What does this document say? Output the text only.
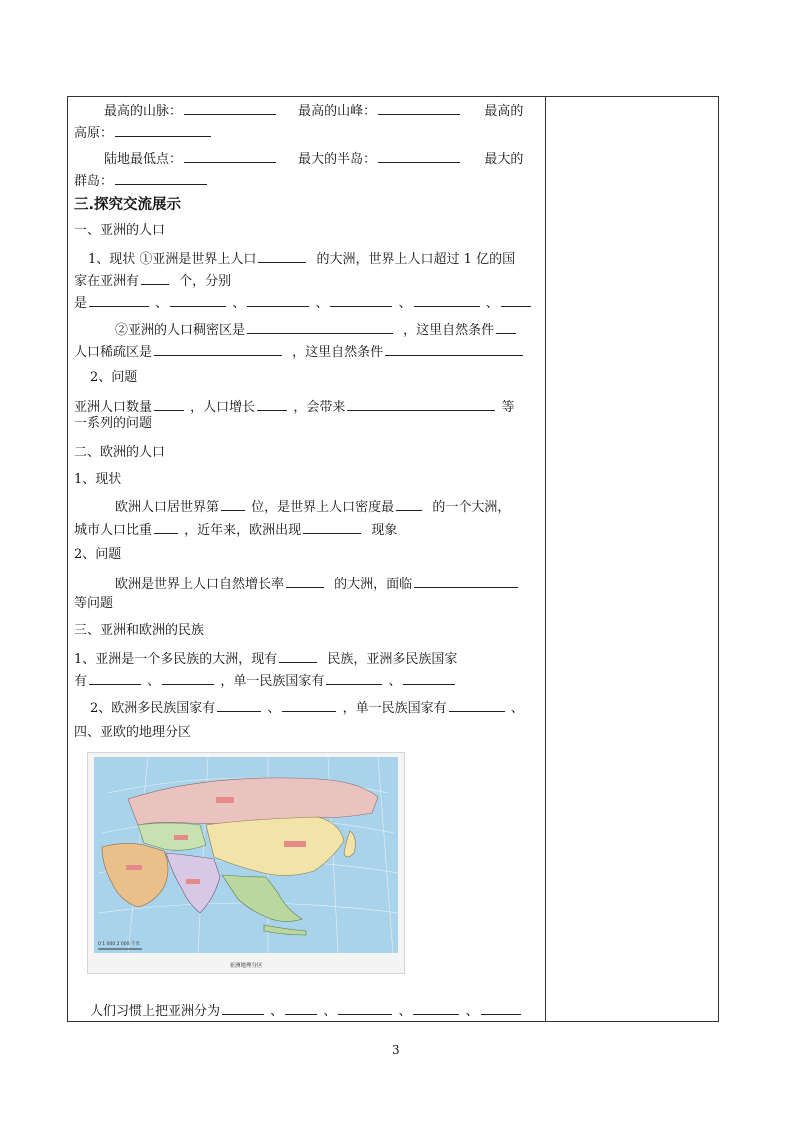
最高的山脉：	最高的山峰：	最高的
高原：
陆地最低点：	最大的半岛：	最大的
群岛：
三.探究交流展示
一、亚洲的人口
1、现状 ①亚洲是世界上人口	的大洲，世界上人口超过 1 亿的国
家在亚洲有	个，分别
是	、	、	、	、	、
②亚洲的人口稠密区是	，这里自然条件
人口稀疏区是	，这里自然条件
2、问题
亚洲人口数量	，人口增长	，会带来	等
一系列的问题
二、欧洲的人口
1、现状
欧洲人口居世界第 位，是世界上人口密度最	的一个大洲，
城市人口比重 ，近年来，欧洲出现	现象
2、问题
欧洲是世界上人口自然增长率	的大洲，面临
等问题
三、亚洲和欧洲的民族
1、亚洲是一个多民族的大洲，现有	民族，亚洲多民族国家
有	、	，单一民族国家有	、
2、欧洲多民族国家有	、	，单一民族国家有	、
四、亚欧的地理分区
0 1 000 2 000 千米
亚洲地理分区
人们习惯上把亚洲分为	、	、	、	、
3
